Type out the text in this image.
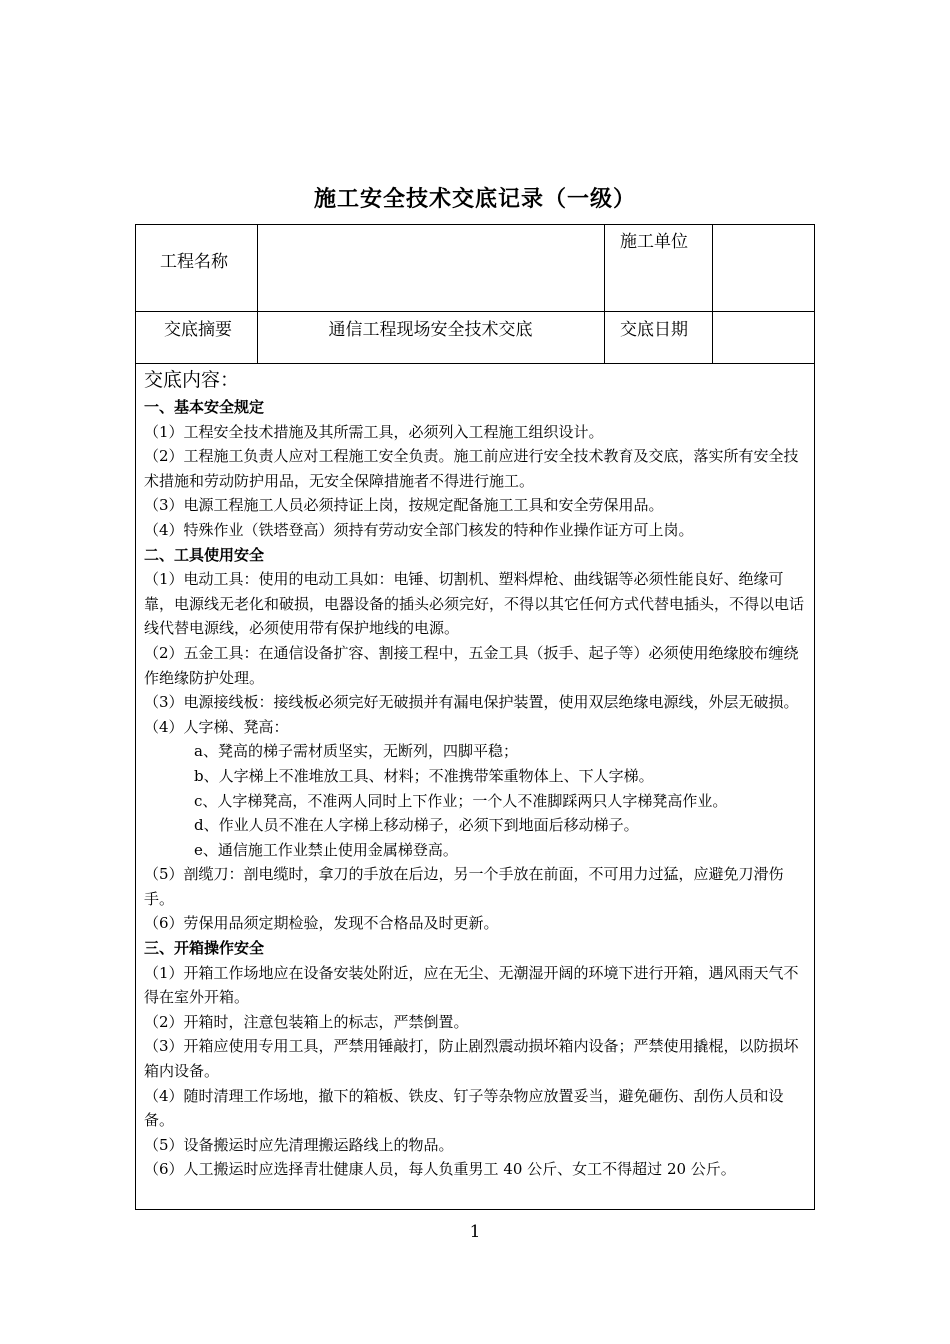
施工安全技术交底记录（一级）
工程名称
施工单位
交底摘要	通信工程现场安全技术交底	交底日期
交底内容：
一、基本安全规定
（1）工程安全技术措施及其所需工具，必须列入工程施工组织设计。
（2）工程施工负责人应对工程施工安全负责。施工前应进行安全技术教育及交底，落实所有安全技术措施和劳动防护用品，无安全保障措施者不得进行施工。
（3）电源工程施工人员必须持证上岗，按规定配备施工工具和安全劳保用品。
（4）特殊作业（铁塔登高）须持有劳动安全部门核发的特种作业操作证方可上岗。
二、工具使用安全
（1）电动工具：使用的电动工具如：电锤、切割机、塑料焊枪、曲线锯等必须性能良好、绝缘可靠，电源线无老化和破损，电器设备的插头必须完好，不得以其它任何方式代替电插头，不得以电话线代替电源线，必须使用带有保护地线的电源。
（2）五金工具：在通信设备扩容、割接工程中，五金工具（扳手、起子等）必须使用绝缘胶布缠绕作绝缘防护处理。
（3）电源接线板：接线板必须完好无破损并有漏电保护装置，使用双层绝缘电源线，外层无破损。
（4）人字梯、凳高：
a、凳高的梯子需材质坚实，无断列，四脚平稳；
b、人字梯上不准堆放工具、材料；不准携带笨重物体上、下人字梯。
c、人字梯凳高，不准两人同时上下作业；一个人不准脚踩两只人字梯凳高作业。
d、作业人员不准在人字梯上移动梯子，必须下到地面后移动梯子。
e、通信施工作业禁止使用金属梯登高。
（5）剖缆刀：剖电缆时，拿刀的手放在后边，另一个手放在前面，不可用力过猛，应避免刀滑伤手。
（6）劳保用品须定期检验，发现不合格品及时更新。
三、开箱操作安全
（1）开箱工作场地应在设备安装处附近，应在无尘、无潮湿开阔的环境下进行开箱，遇风雨天气不得在室外开箱。
（2）开箱时，注意包装箱上的标志，严禁倒置。
（3）开箱应使用专用工具，严禁用锤敲打，防止剧烈震动损坏箱内设备；严禁使用撬棍，以防损坏箱内设备。
（4）随时清理工作场地，撤下的箱板、铁皮、钉子等杂物应放置妥当，避免砸伤、刮伤人员和设备。
（5）设备搬运时应先清理搬运路线上的物品。
（6）人工搬运时应选择青壮健康人员，每人负重男工 40 公斤、女工不得超过 20 公斤。
1
